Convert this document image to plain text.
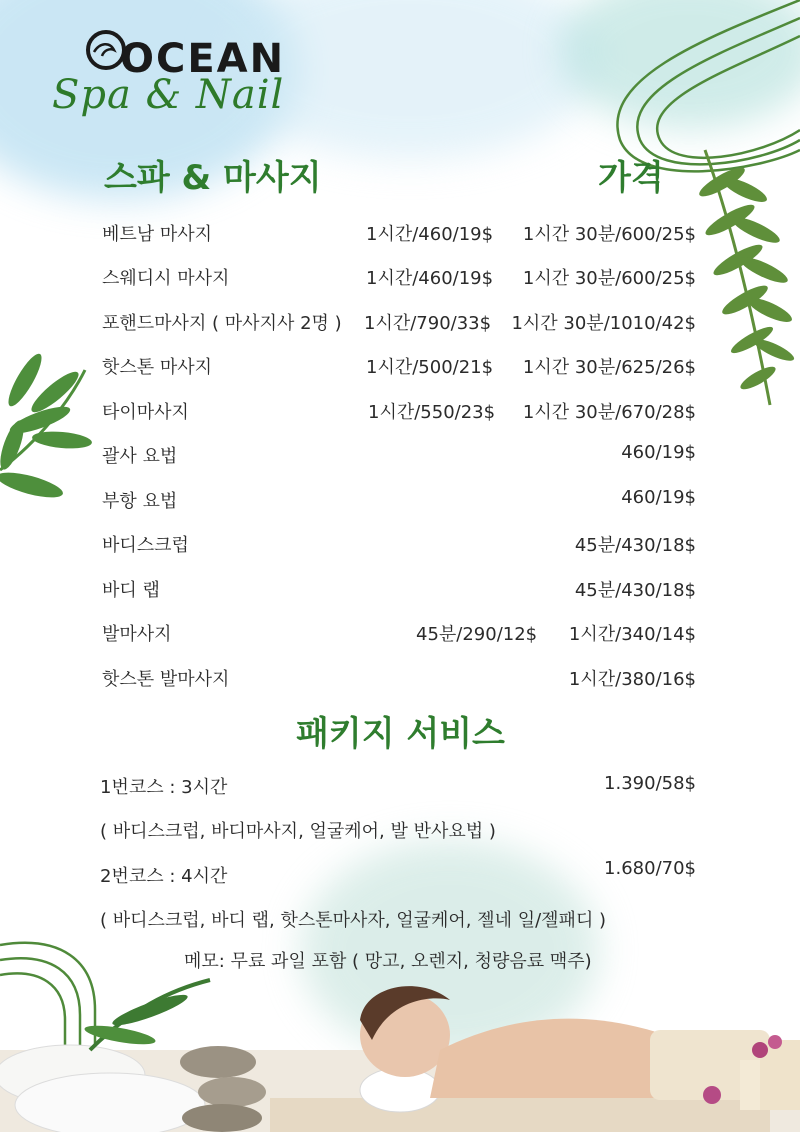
OCEAN
Spa & Nail
스파 & 마사지	가격
베트남 마사지	1시간/460/19$ 1시간 30분/600/25$
스웨디시 마사지	1시간/460/19$ 1시간 30분/600/25$
포핸드마사지 ( 마사지사 2명 ) 1시간/790/33$ 1시간 30분/1010/42$
핫스톤 마사지	1시간/500/21$ 1시간 30분/625/26$
타이마사지	1시간/550/23$ 1시간 30분/670/28$
괄사 요법	460/19$
부항 요법	460/19$
바디스크럽	45분/430/18$
바디 랩	45분/430/18$
발마사지	45분/290/12$ 1시간/340/14$
핫스톤 발마사지	1시간/380/16$
패키지 서비스
1번코스 : 3시간	1.390/58$
( 바디스크럽, 바디마사지, 얼굴케어, 발 반사요법 )
2번코스 : 4시간	1.680/70$
( 바디스크럽, 바디 랩, 핫스톤마사자, 얼굴케어, 젤네 일/젤패디 )
메모: 무료 과일 포함 ( 망고, 오렌지, 청량음료 맥주)
